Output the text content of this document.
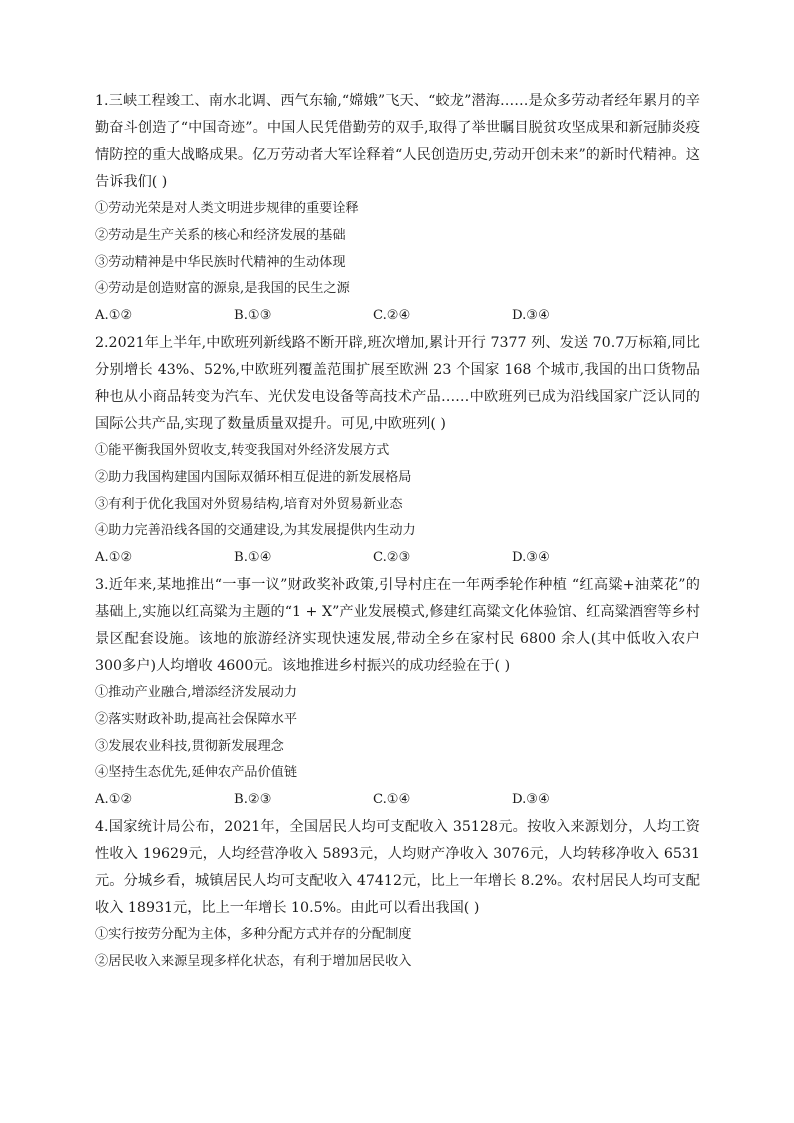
1.三峡工程竣工、南水北调、西气东输,“嫦娥”飞天、“蛟龙”潜海……是众多劳动者经年累月的辛勤奋斗创造了“中国奇迹”。中国人民凭借勤劳的双手,取得了举世瞩目脱贫攻坚成果和新冠肺炎疫情防控的重大战略成果。亿万劳动者大军诠释着“人民创造历史,劳动开创未来”的新时代精神。这告诉我们( )

①劳动光荣是对人类文明进步规律的重要诠释

②劳动是生产关系的核心和经济发展的基础

③劳动精神是中华民族时代精神的生动体现

④劳动是创造财富的源泉,是我国的民生之源

A.①②	B.①③	C.②④	D.③④

2.2021年上半年,中欧班列新线路不断开辟,班次增加,累计开行 7377 列、发送 70.7万标箱,同比分别增长 43%、52%,中欧班列覆盖范围扩展至欧洲 23 个国家 168 个城市,我国的出口货物品种也从小商品转变为汽车、光伏发电设备等高技术产品……中欧班列已成为沿线国家广泛认同的国际公共产品,实现了数量质量双提升。可见,中欧班列( )

①能平衡我国外贸收支,转变我国对外经济发展方式

②助力我国构建国内国际双循环相互促进的新发展格局

③有利于优化我国对外贸易结构,培育对外贸易新业态

④助力完善沿线各国的交通建设,为其发展提供内生动力

A.①②	B.①④	C.②③	D.③④

3.近年来,某地推出“一事一议”财政奖补政策,引导村庄在一年两季轮作种植 “红高粱+油菜花”的基础上,实施以红高粱为主题的“1 + X”产业发展模式,修建红高粱文化体验馆、红高粱酒窖等乡村景区配套设施。该地的旅游经济实现快速发展,带动全乡在家村民 6800 余人(其中低收入农户 300多户)人均增收 4600元。该地推进乡村振兴的成功经验在于( )

①推动产业融合,增添经济发展动力

②落实财政补助,提高社会保障水平

③发展农业科技,贯彻新发展理念

④坚持生态优先,延伸农产品价值链

A.①②	B.②③	C.①④	D.③④

4.国家统计局公布，2021年，全国居民人均可支配收入 35128元。按收入来源划分，人均工资性收入 19629元，人均经营净收入 5893元，人均财产净收入 3076元，人均转移净收入 6531元。分城乡看，城镇居民人均可支配收入 47412元，比上一年增长 8.2%。农村居民人均可支配收入 18931元，比上一年增长 10.5%。由此可以看出我国( )

①实行按劳分配为主体，多种分配方式并存的分配制度

②居民收入来源呈现多样化状态，有利于增加居民收入
